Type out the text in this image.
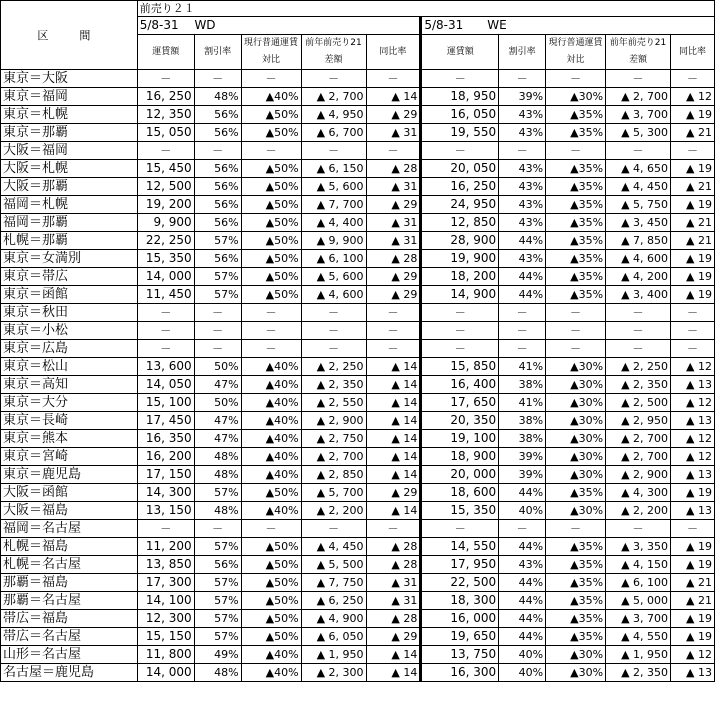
区　間	前売り２１									
	5/8-31　 WD					5/8-31　　WE				
	運賃額	割引率	現行普通運賃	前年前売り21	同比率	運賃額	割引率	現行普通運賃	前年前売り21	同比率
			対比	差額				対比	差額	
東京＝大阪	－	－	－	－	－	－	－	－	－	－
東京＝福岡	16, 250	48%	▲40%	▲ 2, 700	▲ 14	18, 950	39%	▲30%	▲ 2, 700	▲ 12
東京＝札幌	12, 350	56%	▲50%	▲ 4, 950	▲ 29	16, 050	43%	▲35%	▲ 3, 700	▲ 19
東京＝那覇	15, 050	56%	▲50%	▲ 6, 700	▲ 31	19, 550	43%	▲35%	▲ 5, 300	▲ 21
大阪＝福岡	－	－	－	－	－	－	－	－	－	－
大阪＝札幌	15, 450	56%	▲50%	▲ 6, 150	▲ 28	20, 050	43%	▲35%	▲ 4, 650	▲ 19
大阪＝那覇	12, 500	56%	▲50%	▲ 5, 600	▲ 31	16, 250	43%	▲35%	▲ 4, 450	▲ 21
福岡＝札幌	19, 200	56%	▲50%	▲ 7, 700	▲ 29	24, 950	43%	▲35%	▲ 5, 750	▲ 19
福岡＝那覇	9, 900	56%	▲50%	▲ 4, 400	▲ 31	12, 850	43%	▲35%	▲ 3, 450	▲ 21
札幌＝那覇	22, 250	57%	▲50%	▲ 9, 900	▲ 31	28, 900	44%	▲35%	▲ 7, 850	▲ 21
東京＝女満別	15, 350	56%	▲50%	▲ 6, 100	▲ 28	19, 900	43%	▲35%	▲ 4, 600	▲ 19
東京＝帯広	14, 000	57%	▲50%	▲ 5, 600	▲ 29	18, 200	44%	▲35%	▲ 4, 200	▲ 19
東京＝函館	11, 450	57%	▲50%	▲ 4, 600	▲ 29	14, 900	44%	▲35%	▲ 3, 400	▲ 19
東京＝秋田	－	－	－	－	－	－	－	－	－	－
東京＝小松	－	－	－	－	－	－	－	－	－	－
東京＝広島	－	－	－	－	－	－	－	－	－	－
東京＝松山	13, 600	50%	▲40%	▲ 2, 250	▲ 14	15, 850	41%	▲30%	▲ 2, 250	▲ 12
東京＝高知	14, 050	47%	▲40%	▲ 2, 350	▲ 14	16, 400	38%	▲30%	▲ 2, 350	▲ 13
東京＝大分	15, 100	50%	▲40%	▲ 2, 550	▲ 14	17, 650	41%	▲30%	▲ 2, 500	▲ 12
東京＝長崎	17, 450	47%	▲40%	▲ 2, 900	▲ 14	20, 350	38%	▲30%	▲ 2, 950	▲ 13
東京＝熊本	16, 350	47%	▲40%	▲ 2, 750	▲ 14	19, 100	38%	▲30%	▲ 2, 700	▲ 12
東京＝宮崎	16, 200	48%	▲40%	▲ 2, 700	▲ 14	18, 900	39%	▲30%	▲ 2, 700	▲ 12
東京＝鹿児島	17, 150	48%	▲40%	▲ 2, 850	▲ 14	20, 000	39%	▲30%	▲ 2, 900	▲ 13
大阪＝函館	14, 300	57%	▲50%	▲ 5, 700	▲ 29	18, 600	44%	▲35%	▲ 4, 300	▲ 19
大阪＝福島	13, 150	48%	▲40%	▲ 2, 200	▲ 14	15, 350	40%	▲30%	▲ 2, 200	▲ 13
福岡＝名古屋	－	－	－	－	－	－	－	－	－	－
札幌＝福島	11, 200	57%	▲50%	▲ 4, 450	▲ 28	14, 550	44%	▲35%	▲ 3, 350	▲ 19
札幌＝名古屋	13, 850	56%	▲50%	▲ 5, 500	▲ 28	17, 950	43%	▲35%	▲ 4, 150	▲ 19
那覇＝福島	17, 300	57%	▲50%	▲ 7, 750	▲ 31	22, 500	44%	▲35%	▲ 6, 100	▲ 21
那覇＝名古屋	14, 100	57%	▲50%	▲ 6, 250	▲ 31	18, 300	44%	▲35%	▲ 5, 000	▲ 21
帯広＝福島	12, 300	57%	▲50%	▲ 4, 900	▲ 28	16, 000	44%	▲35%	▲ 3, 700	▲ 19
帯広＝名古屋	15, 150	57%	▲50%	▲ 6, 050	▲ 29	19, 650	44%	▲35%	▲ 4, 550	▲ 19
山形＝名古屋	11, 800	49%	▲40%	▲ 1, 950	▲ 14	13, 750	40%	▲30%	▲ 1, 950	▲ 12
名古屋＝鹿児島	14, 000	48%	▲40%	▲ 2, 300	▲ 14	16, 300	40%	▲30%	▲ 2, 350	▲ 13
